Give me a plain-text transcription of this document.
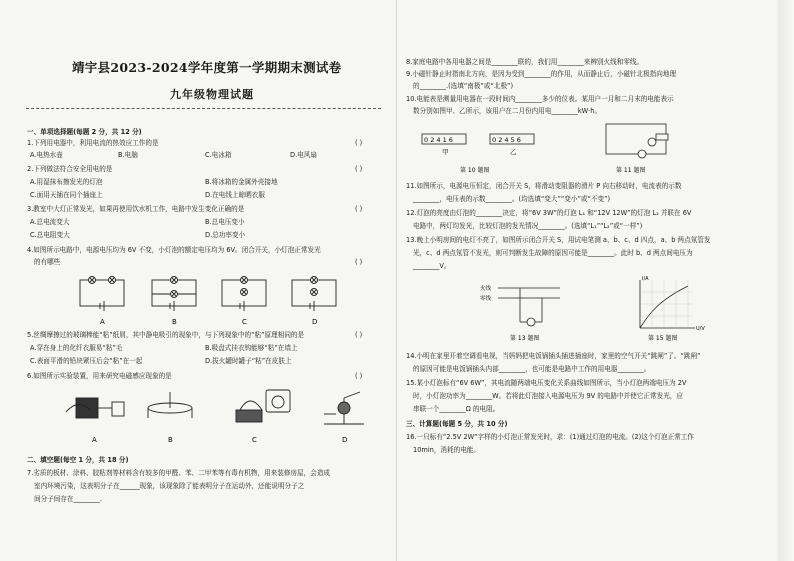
靖宇县2023-2024学年度第一学期期末测试卷
九年级物理试题
一、单项选择题(每题 2 分，共 12 分)
1.下列用电器中，利用电流的热效应工作的是	( )
A.电热水壶	B.电脑	C.电冰箱	D.电风扇
2.下列做法符合安全用电的是	( )
A.用湿抹布擦发光的灯泡	B.将冰箱的金属外壳接地
C.面用天插在同个插座上	D.在电线上晾晒衣服
3.教室中大灯正常发光，如果再使用饮水机工作，电路中发生变化正确的是	( )
A.总电流变大	B.总电压变小
C.总电阻变大	D.总功率变小
4.如图所示电路中，电源电压均为 6V 不变，小灯泡的额定电压均为 6V。闭合开关，小灯泡正常发光
的有哪些	( )
A	B	C	D
5.丝绸摩擦过的玻璃棒能“粘”纸屑，其中静电吸引的现象中，与下列现象中的“粘”原理相同的是	( )
A.穿在身上的化纤衣服易“粘”毛	B.吸盘式挂衣钩能够“粘”在墙上
C.表面平滑的铅块紧压后会“粘”在一起	D.拔火罐时罐子“粘”在皮肤上
6.如图所示实验装置，用来研究电磁感应现象的是	( )
A	B	C	D
二、填空题(每空 1 分，共 18 分)
7.劣质的板材、涂料、胶粘剂等材料含有较多的甲醛、苯、二甲苯等有毒有机物，用来装修房屋，会造成
室内环境污染，这表明分子在______现象，该现象除了能表明分子在运动外，还能说明分子之
间分子间存在________.
8.家庭电路中各用电器之间是________联的，我们用________来辨别火线和零线。
9.小磁针静止时指南北方向，是因为受到________的作用，从而静止后，小磁针北极指向地理
的________.(选填“南极”或“北极”)
10.电能表是测量用电器在一段时间内________多少的仪表。某用户一月和二月末的电能表示
数分别如图甲、乙所示，该用户在二月份内用电________kW·h。
0 2 4 1 6	0 2 4 5 6
甲	乙
第 10 题图	第 11 题图
11.如图所示，电源电压恒定，闭合开关 S，将滑动变阻器的滑片 P 向右移动时，电流表的示数
________，电压表的示数________。(均选填“变大”“变小”或“不变”)
12.灯泡的亮度由灯泡的________决定，将“6V 3W”的灯泡 L₁ 和“12V 12W”的灯泡 L₂ 并联在 6V
电路中，两灯均发光，比较灯泡的发光情况________。(选填“L₁”“L₂”或“一样”)
13.晚上小明房间的电灯不亮了，如图所示闭合开关 S，用试电笔测 a、b、c、d 四点，a、b 两点氖管发
光，c、d 两点氖管不发光，则可判断发生故障的原因可能是________。此时 b、d 两点间电压为
________V。
火线
零线
I/A
U/V
第 13 题图	第 15 题图
14.小明在家里开着空调看电视，当妈妈把电饭锅插头插进插座时，家里的空气开关“跳闸”了。“跳闸”
的原因可能是电饭锅插头内部________，也可能是电路中工作的用电器________。
15.某小灯泡标有“6V 6W”，其电流随两端电压变化关系曲线如图所示，当小灯泡两端电压为 2V
时，小灯泡功率为________W。若将此灯泡接入电源电压为 9V 的电路中并使它正常发光，应
串联一个________Ω 的电阻。
三、计算题(每题 5 分，共 10 分)
16.一只标有“2.5V 2W”字样的小灯泡正常发光时，求：(1)通过灯泡的电流。(2)这个灯泡正常工作
10min，消耗的电能。
